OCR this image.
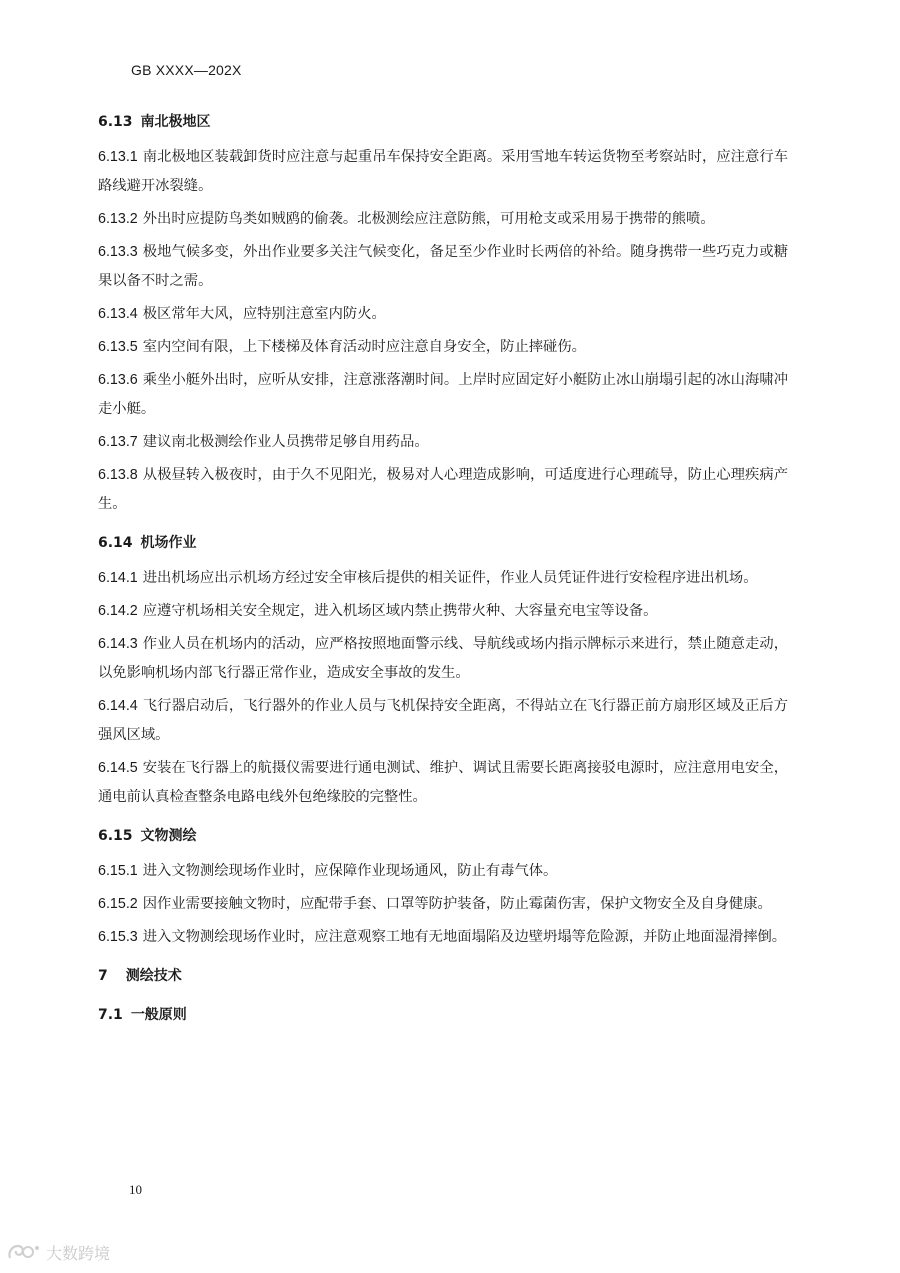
GB XXXX—202X
6.13 南北极地区
6.13.1 南北极地区装载卸货时应注意与起重吊车保持安全距离。采用雪地车转运货物至考察站时，应注意行车路线避开冰裂缝。
6.13.2 外出时应提防鸟类如贼鸥的偷袭。北极测绘应注意防熊，可用枪支或采用易于携带的熊喷。
6.13.3 极地气候多变，外出作业要多关注气候变化，备足至少作业时长两倍的补给。随身携带一些巧克力或糖果以备不时之需。
6.13.4 极区常年大风，应特别注意室内防火。
6.13.5 室内空间有限，上下楼梯及体育活动时应注意自身安全，防止摔碰伤。
6.13.6 乘坐小艇外出时，应听从安排，注意涨落潮时间。上岸时应固定好小艇防止冰山崩塌引起的冰山海啸冲走小艇。
6.13.7 建议南北极测绘作业人员携带足够自用药品。
6.13.8 从极昼转入极夜时，由于久不见阳光，极易对人心理造成影响，可适度进行心理疏导，防止心理疾病产生。
6.14 机场作业
6.14.1 进出机场应出示机场方经过安全审核后提供的相关证件，作业人员凭证件进行安检程序进出机场。
6.14.2 应遵守机场相关安全规定，进入机场区域内禁止携带火种、大容量充电宝等设备。
6.14.3 作业人员在机场内的活动，应严格按照地面警示线、导航线或场内指示牌标示来进行，禁止随意走动，以免影响机场内部飞行器正常作业，造成安全事故的发生。
6.14.4 飞行器启动后，飞行器外的作业人员与飞机保持安全距离，不得站立在飞行器正前方扇形区域及正后方强风区域。
6.14.5 安装在飞行器上的航摄仪需要进行通电测试、维护、调试且需要长距离接驳电源时，应注意用电安全，通电前认真检查整条电路电线外包绝缘胶的完整性。
6.15 文物测绘
6.15.1 进入文物测绘现场作业时，应保障作业现场通风，防止有毒气体。
6.15.2 因作业需要接触文物时，应配带手套、口罩等防护装备，防止霉菌伤害，保护文物安全及自身健康。
6.15.3 进入文物测绘现场作业时，应注意观察工地有无地面塌陷及边壁坍塌等危险源，并防止地面湿滑摔倒。
7 测绘技术
7.1 一般原则
10
大数跨境
